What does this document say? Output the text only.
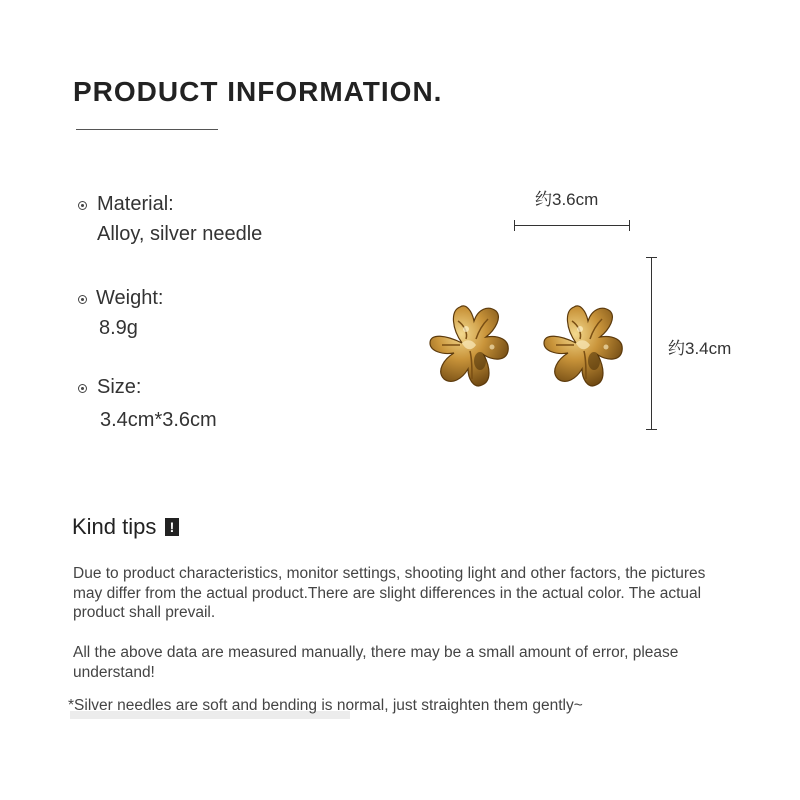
PRODUCT INFORMATION.
Material:
Alloy, silver needle
Weight:
8.9g
Size:
3.4cm*3.6cm
约3.6cm
约3.4cm
Kind tips !
Due to product characteristics, monitor settings, shooting light and other factors, the pictures may differ from the actual product.There are slight differences in the actual color. The actual product shall prevail.
All the above data are measured manually, there may be a small amount of error, please understand!
*Silver needles are soft and bending is normal, just straighten them gently~
